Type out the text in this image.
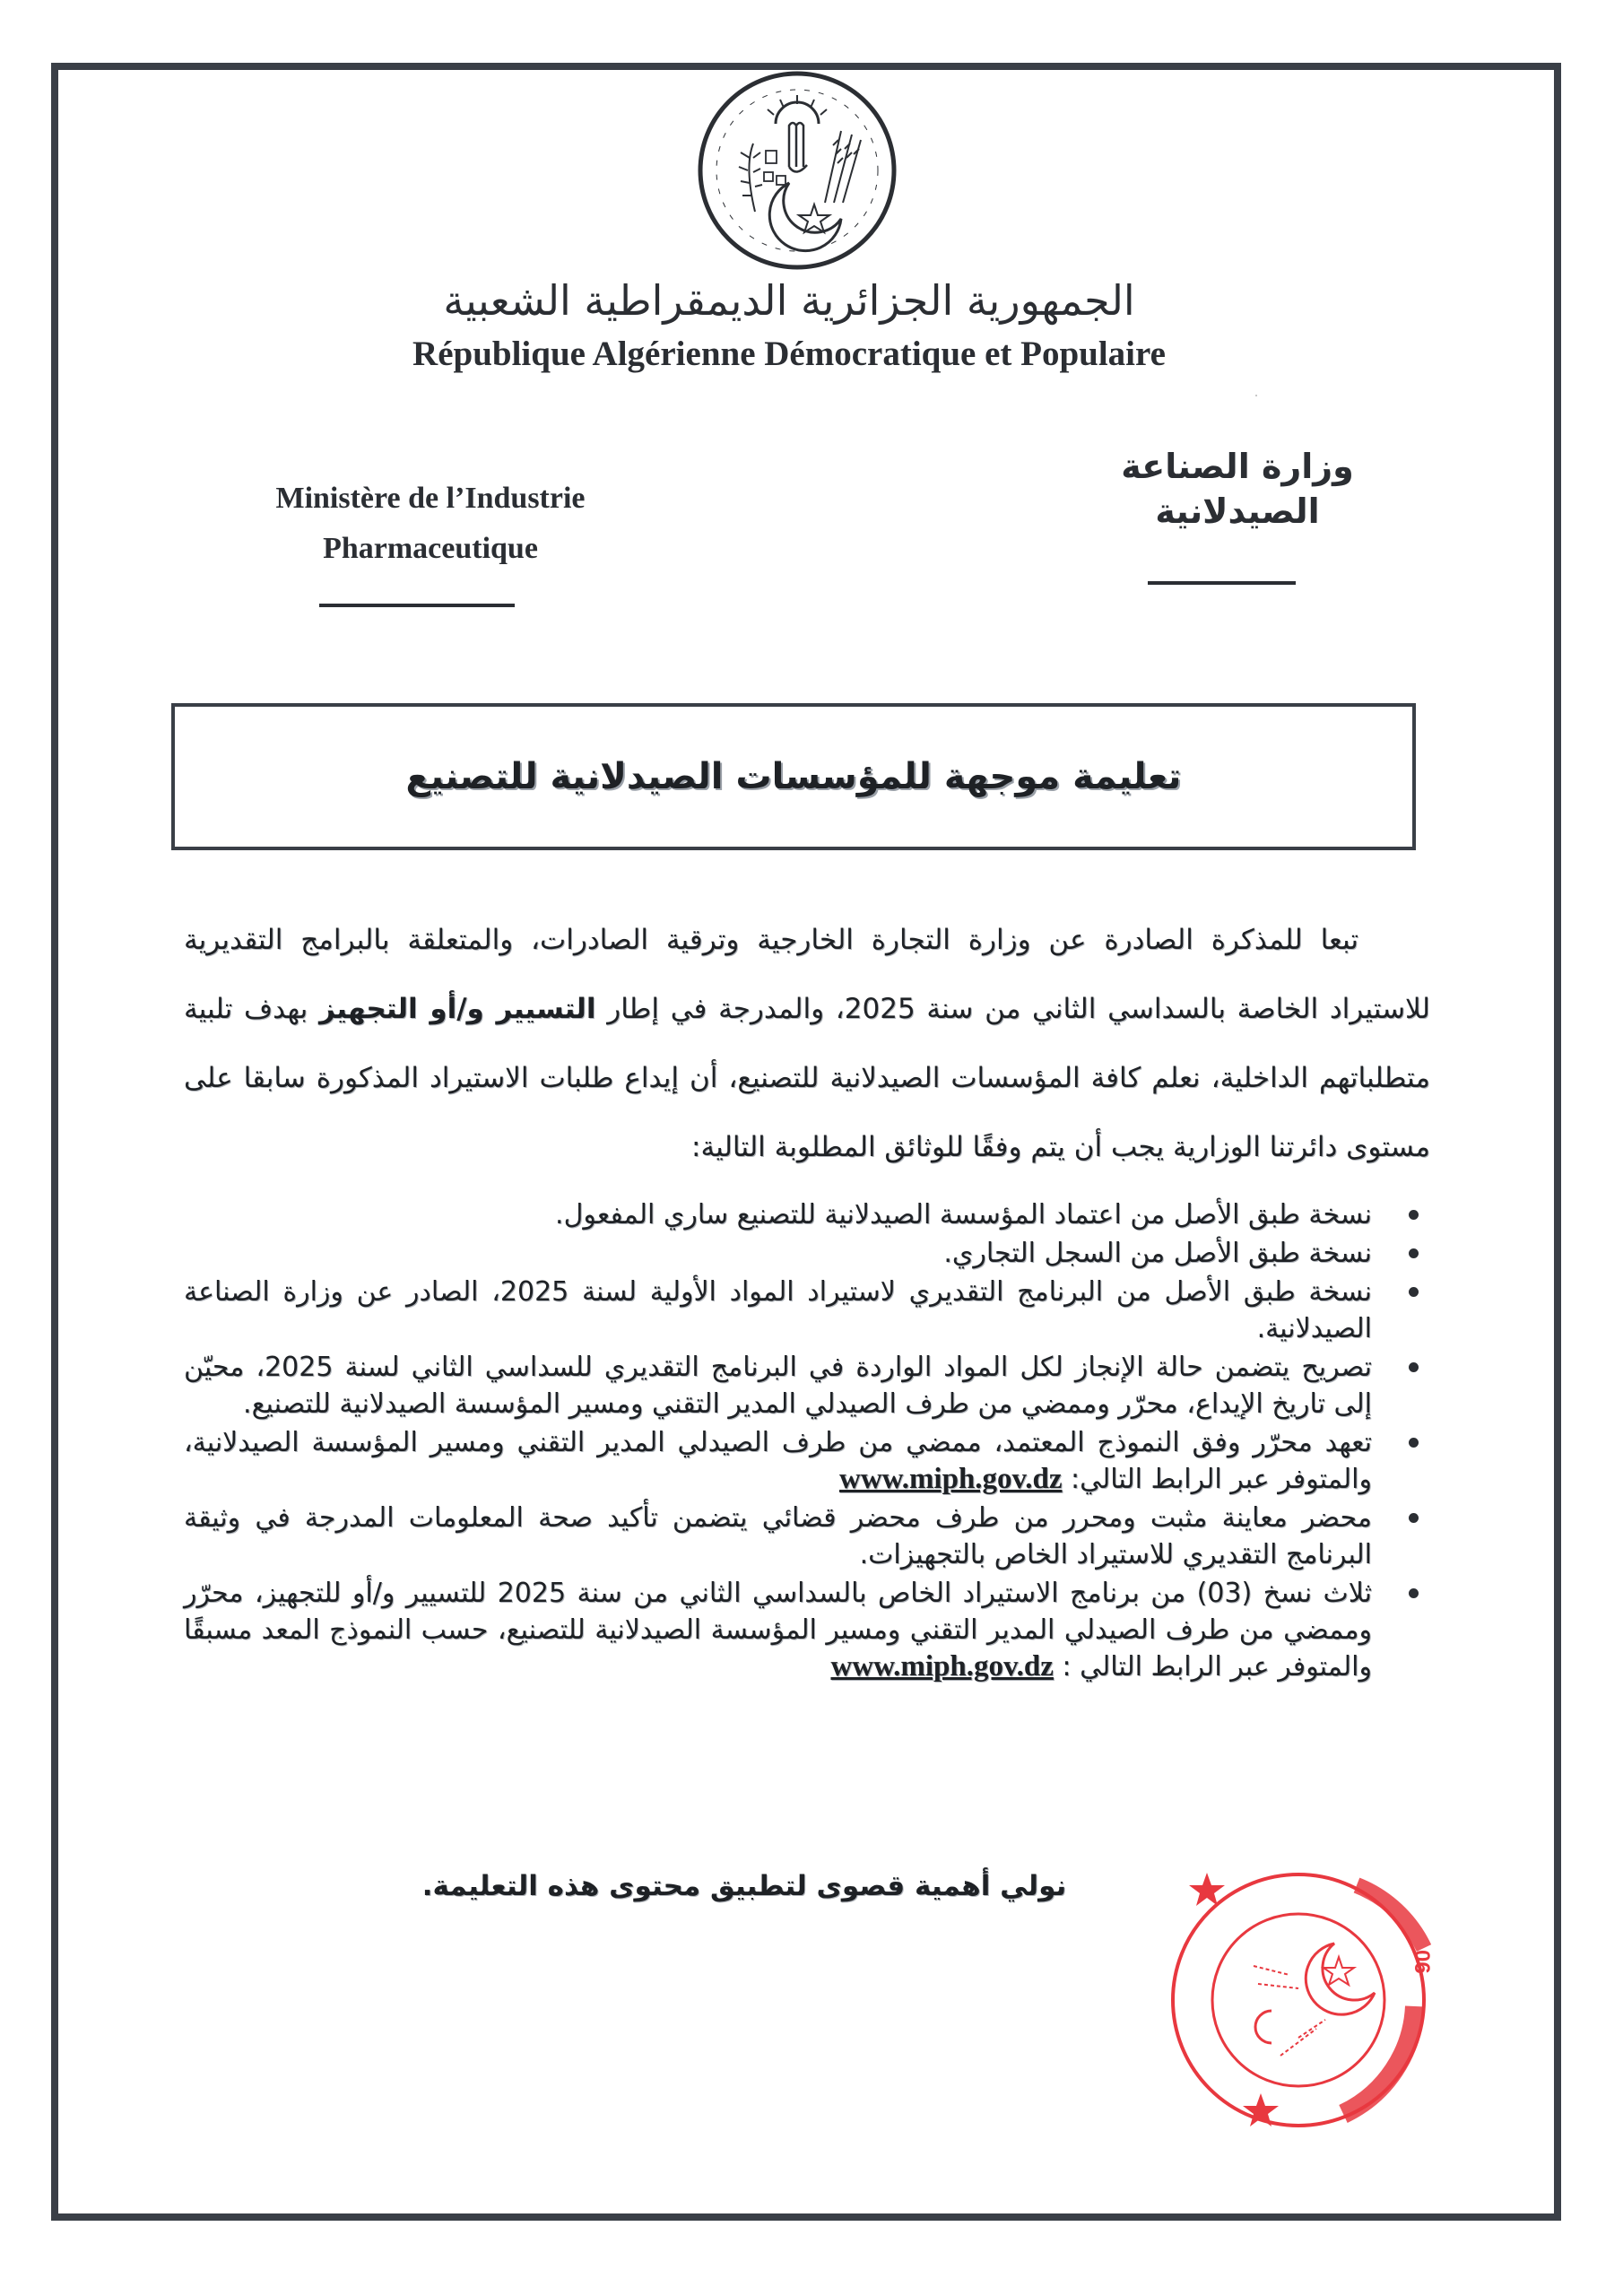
الجمهورية الجزائرية الديمقراطية الشعبية
République Algérienne Démocratique et Populaire
Ministère de l’Industrie
Pharmaceutique
وزارة الصناعة
الصيدلانية
تعليمة موجهة للمؤسسات الصيدلانية للتصنيع
تبعا للمذكرة الصادرة عن وزارة التجارة الخارجية وترقية الصادرات، والمتعلقة بالبرامج التقديرية للاستيراد الخاصة بالسداسي الثاني من سنة 2025، والمدرجة في إطار التسيير و/أو التجهيز بهدف تلبية متطلباتهم الداخلية، نعلم كافة المؤسسات الصيدلانية للتصنيع، أن إيداع طلبات الاستيراد المذكورة سابقا على مستوى دائرتنا الوزارية يجب أن يتم وفقًا للوثائق المطلوبة التالية:
نسخة طبق الأصل من اعتماد المؤسسة الصيدلانية للتصنيع ساري المفعول.
نسخة طبق الأصل من السجل التجاري.
نسخة طبق الأصل من البرنامج التقديري لاستيراد المواد الأولية لسنة 2025، الصادر عن وزارة الصناعة الصيدلانية.
تصريح يتضمن حالة الإنجاز لكل المواد الواردة في البرنامج التقديري للسداسي الثاني لسنة 2025، محيّن إلى تاريخ الإيداع، محرّر وممضي من طرف الصيدلي المدير التقني ومسير المؤسسة الصيدلانية للتصنيع.
تعهد محرّر وفق النموذج المعتمد، ممضي من طرف الصيدلي المدير التقني ومسير المؤسسة الصيدلانية، والمتوفر عبر الرابط التالي: www.miph.gov.dz
محضر معاينة مثبت ومحرر من طرف محضر قضائي يتضمن تأكيد صحة المعلومات المدرجة في وثيقة البرنامج التقديري للاستيراد الخاص بالتجهيزات.
ثلاث نسخ (03) من برنامج الاستيراد الخاص بالسداسي الثاني من سنة 2025 للتسيير و/أو للتجهيز، محرّر وممضي من طرف الصيدلي المدير التقني ومسير المؤسسة الصيدلانية للتصنيع، حسب النموذج المعد مسبقًا والمتوفر عبر الرابط التالي : www.miph.gov.dz
نولي أهمية قصوى لتطبيق محتوى هذه التعليمة.
06
